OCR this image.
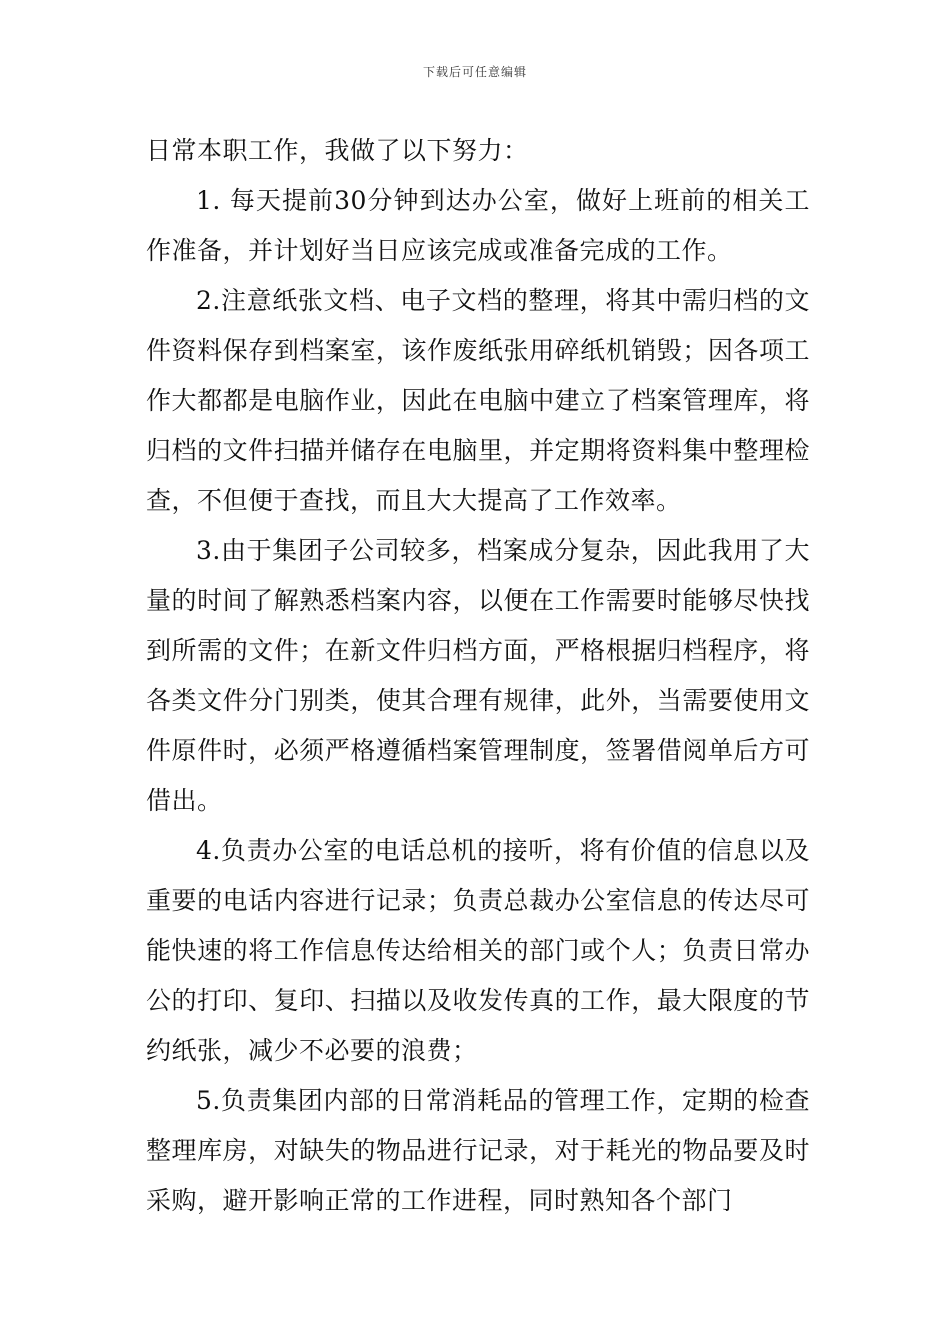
下载后可任意编辑

日常本职工作，我做了以下努力：

1. 每天提前30分钟到达办公室，做好上班前的相关工作准备，并计划好当日应该完成或准备完成的工作。

2.注意纸张文档、电子文档的整理，将其中需归档的文件资料保存到档案室，该作废纸张用碎纸机销毁；因各项工作大都都是电脑作业，因此在电脑中建立了档案管理库，将归档的文件扫描并储存在电脑里，并定期将资料集中整理检查，不但便于查找，而且大大提高了工作效率。

3.由于集团子公司较多，档案成分复杂，因此我用了大量的时间了解熟悉档案内容，以便在工作需要时能够尽快找到所需的文件；在新文件归档方面，严格根据归档程序，将各类文件分门别类，使其合理有规律，此外，当需要使用文件原件时，必须严格遵循档案管理制度，签署借阅单后方可借出。

4.负责办公室的电话总机的接听，将有价值的信息以及重要的电话内容进行记录；负责总裁办公室信息的传达尽可能快速的将工作信息传达给相关的部门或个人；负责日常办公的打印、复印、扫描以及收发传真的工作，最大限度的节约纸张，减少不必要的浪费；

5.负责集团内部的日常消耗品的管理工作，定期的检查整理库房，对缺失的物品进行记录，对于耗光的物品要及时采购，避开影响正常的工作进程，同时熟知各个部门
